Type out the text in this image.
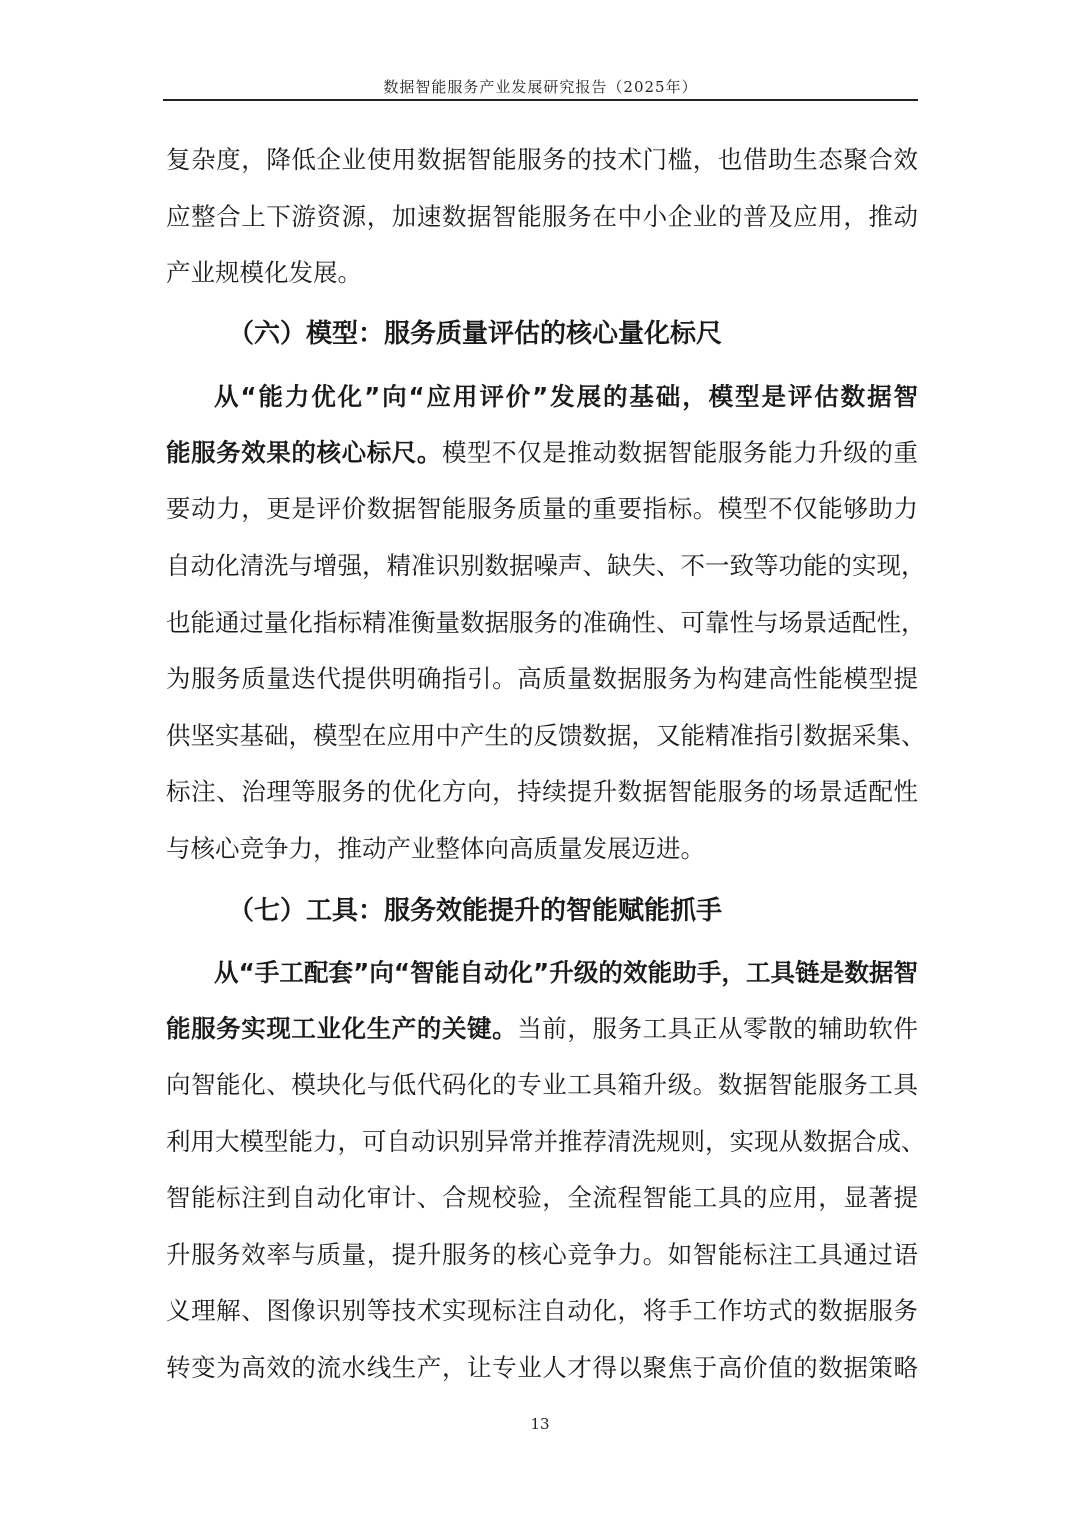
数据智能服务产业发展研究报告（2025年）
复杂度，降低企业使用数据智能服务的技术门槛，也借助生态聚合效
应整合上下游资源，加速数据智能服务在中小企业的普及应用，推动
产业规模化发展。
（六）模型：服务质量评估的核心量化标尺
从“能力优化”向“应用评价”发展的基础，模型是评估数据智
能服务效果的核心标尺。模型不仅是推动数据智能服务能力升级的重
要动力，更是评价数据智能服务质量的重要指标。模型不仅能够助力
自动化清洗与增强，精准识别数据噪声、缺失、不一致等功能的实现，
也能通过量化指标精准衡量数据服务的准确性、可靠性与场景适配性，
为服务质量迭代提供明确指引。高质量数据服务为构建高性能模型提
供坚实基础，模型在应用中产生的反馈数据，又能精准指引数据采集、
标注、治理等服务的优化方向，持续提升数据智能服务的场景适配性
与核心竞争力，推动产业整体向高质量发展迈进。
（七）工具：服务效能提升的智能赋能抓手
从“手工配套”向“智能自动化”升级的效能助手，工具链是数据智
能服务实现工业化生产的关键。当前，服务工具正从零散的辅助软件
向智能化、模块化与低代码化的专业工具箱升级。数据智能服务工具
利用大模型能力，可自动识别异常并推荐清洗规则，实现从数据合成、
智能标注到自动化审计、合规校验，全流程智能工具的应用，显著提
升服务效率与质量，提升服务的核心竞争力。如智能标注工具通过语
义理解、图像识别等技术实现标注自动化，将手工作坊式的数据服务
转变为高效的流水线生产，让专业人才得以聚焦于高价值的数据策略
13
